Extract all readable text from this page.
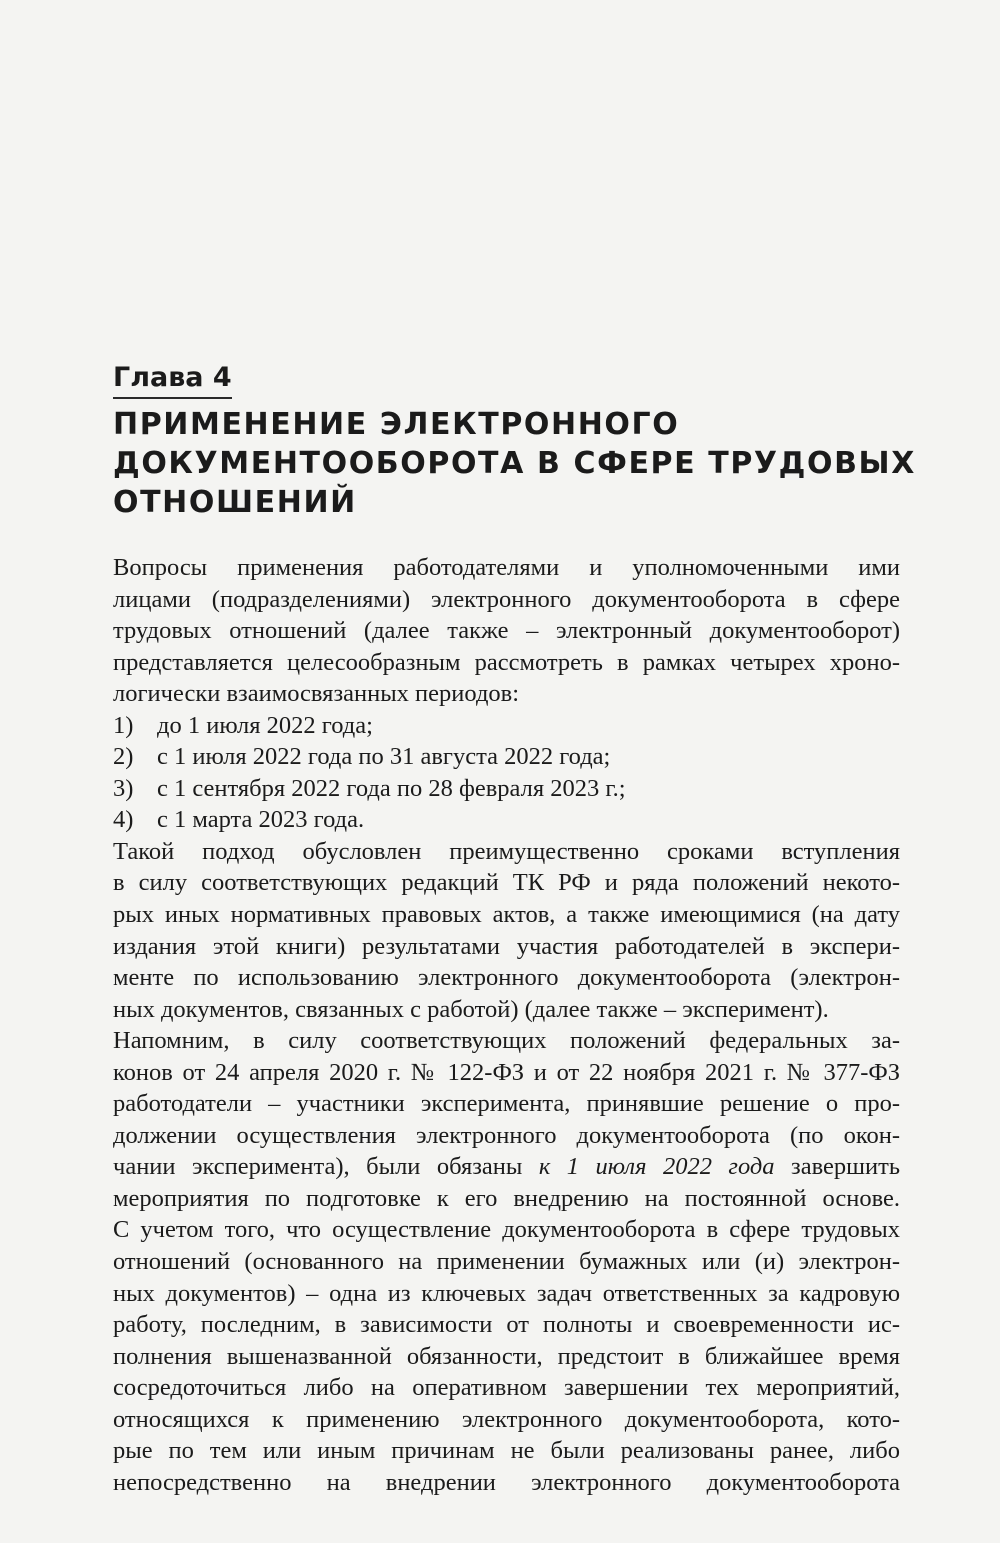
Глава 4
ПРИМЕНЕНИЕ ЭЛЕКТРОННОГО
ДОКУМЕНТООБОРОТА В СФЕРЕ ТРУДОВЫХ
ОТНОШЕНИЙ
Вопросы применения работодателями и уполномоченными ими
лицами (подразделениями) электронного документооборота в сфере
трудовых отношений (далее также – электронный документооборот)
представляется целесообразным рассмотреть в рамках четырех хроно-
логически взаимосвязанных периодов:
1) до 1 июля 2022 года;
2) с 1 июля 2022 года по 31 августа 2022 года;
3) с 1 сентября 2022 года по 28 февраля 2023 г.;
4) с 1 марта 2023 года.
Такой подход обусловлен преимущественно сроками вступления
в силу соответствующих редакций ТК РФ и ряда положений некото-
рых иных нормативных правовых актов, а также имеющимися (на дату
издания этой книги) результатами участия работодателей в экспери-
менте по использованию электронного документооборота (электрон-
ных документов, связанных с работой) (далее также – эксперимент).
Напомним, в силу соответствующих положений федеральных за-
конов от 24 апреля 2020 г. № 122-ФЗ и от 22 ноября 2021 г. № 377-ФЗ
работодатели – участники эксперимента, принявшие решение о про-
должении осуществления электронного документооборота (по окон-
чании эксперимента), были обязаны к 1 июля 2022 года завершить
мероприятия по подготовке к его внедрению на постоянной основе.
С учетом того, что осуществление документооборота в сфере трудовых
отношений (основанного на применении бумажных или (и) электрон-
ных документов) – одна из ключевых задач ответственных за кадровую
работу, последним, в зависимости от полноты и своевременности ис-
полнения вышеназванной обязанности, предстоит в ближайшее время
сосредоточиться либо на оперативном завершении тех мероприятий,
относящихся к применению электронного документооборота, кото-
рые по тем или иным причинам не были реализованы ранее, либо
непосредственно на внедрении электронного документооборота
